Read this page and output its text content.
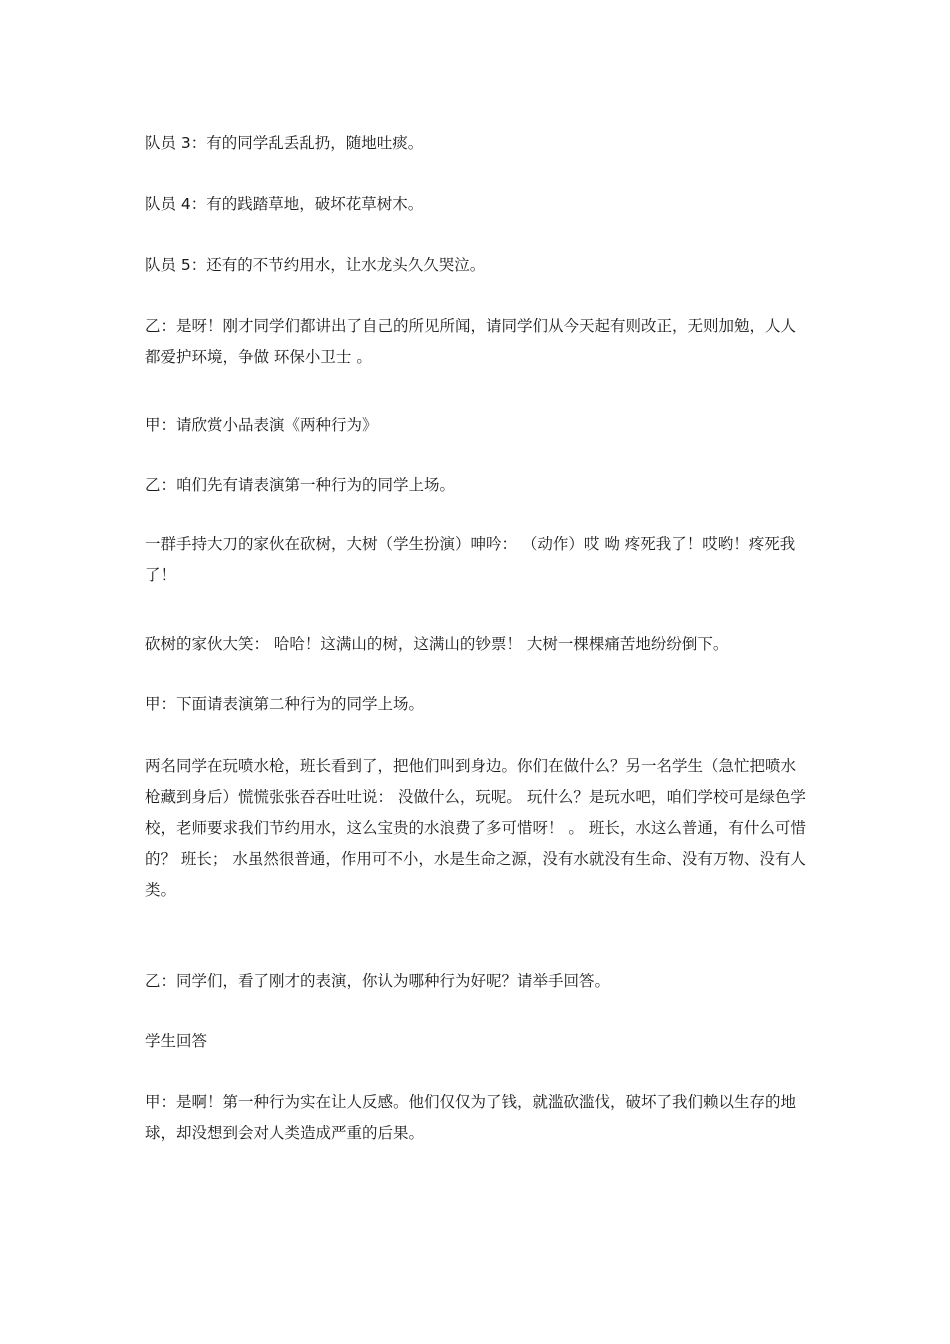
队员 3：有的同学乱丢乱扔，随地吐痰。

队员 4：有的践踏草地，破坏花草树木。

队员 5：还有的不节约用水，让水龙头久久哭泣。

乙：是呀！刚才同学们都讲出了自己的所见所闻，请同学们从今天起有则改正，无则加勉，人人都爱护环境，争做 环保小卫士 。

甲：请欣赏小品表演《两种行为》

乙：咱们先有请表演第一种行为的同学上场。

一群手持大刀的家伙在砍树，大树（学生扮演）呻吟： （动作）哎 呦 疼死我了！哎哟！疼死我了！

砍树的家伙大笑： 哈哈！这满山的树，这满山的钞票！ 大树一棵棵痛苦地纷纷倒下。

甲：下面请表演第二种行为的同学上场。

两名同学在玩喷水枪，班长看到了，把他们叫到身边。你们在做什么？另一名学生（急忙把喷水枪藏到身后）慌慌张张吞吞吐吐说： 没做什么，玩呢。 玩什么？是玩水吧，咱们学校可是绿色学校，老师要求我们节约用水，这么宝贵的水浪费了多可惜呀！ 。 班长，水这么普通，有什么可惜的？ 班长； 水虽然很普通，作用可不小，水是生命之源，没有水就没有生命、没有万物、没有人类。

乙：同学们，看了刚才的表演，你认为哪种行为好呢？请举手回答。

学生回答

甲：是啊！第一种行为实在让人反感。他们仅仅为了钱，就滥砍滥伐，破坏了我们赖以生存的地球，却没想到会对人类造成严重的后果。
